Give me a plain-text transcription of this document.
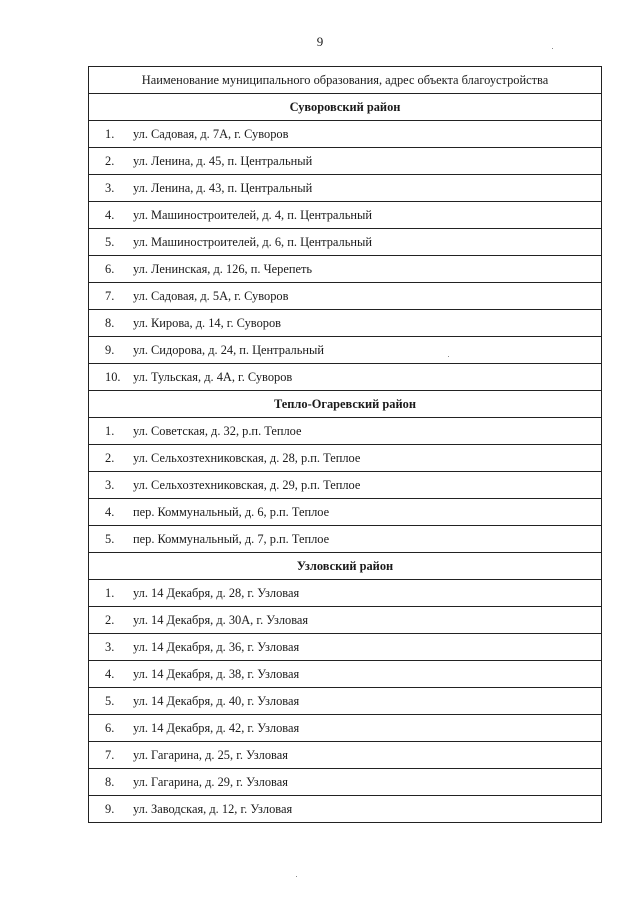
9
Наименование муниципального образования, адрес объекта благоустройства
Суворовский район
1. ул. Садовая, д. 7А, г. Суворов
2. ул. Ленина, д. 45, п. Центральный
3. ул. Ленина, д. 43, п. Центральный
4. ул. Машиностроителей, д. 4, п. Центральный
5. ул. Машиностроителей, д. 6, п. Центральный
6. ул. Ленинская, д. 126, п. Черепеть
7. ул. Садовая, д. 5А, г. Суворов
8. ул. Кирова, д. 14, г. Суворов
9. ул. Сидорова, д. 24, п. Центральный
10. ул. Тульская, д. 4А, г. Суворов
Тепло-Огаревский район
1. ул. Советская, д. 32, р.п. Теплое
2. ул. Сельхозтехниковская, д. 28, р.п. Теплое
3. ул. Сельхозтехниковская, д. 29, р.п. Теплое
4. пер. Коммунальный, д. 6, р.п. Теплое
5. пер. Коммунальный, д. 7, р.п. Теплое
Узловский район
1. ул. 14 Декабря, д. 28, г. Узловая
2. ул. 14 Декабря, д. 30А, г. Узловая
3. ул. 14 Декабря, д. 36, г. Узловая
4. ул. 14 Декабря, д. 38, г. Узловая
5. ул. 14 Декабря, д. 40, г. Узловая
6. ул. 14 Декабря, д. 42, г. Узловая
7. ул. Гагарина, д. 25, г. Узловая
8. ул. Гагарина, д. 29, г. Узловая
9. ул. Заводская, д. 12, г. Узловая
